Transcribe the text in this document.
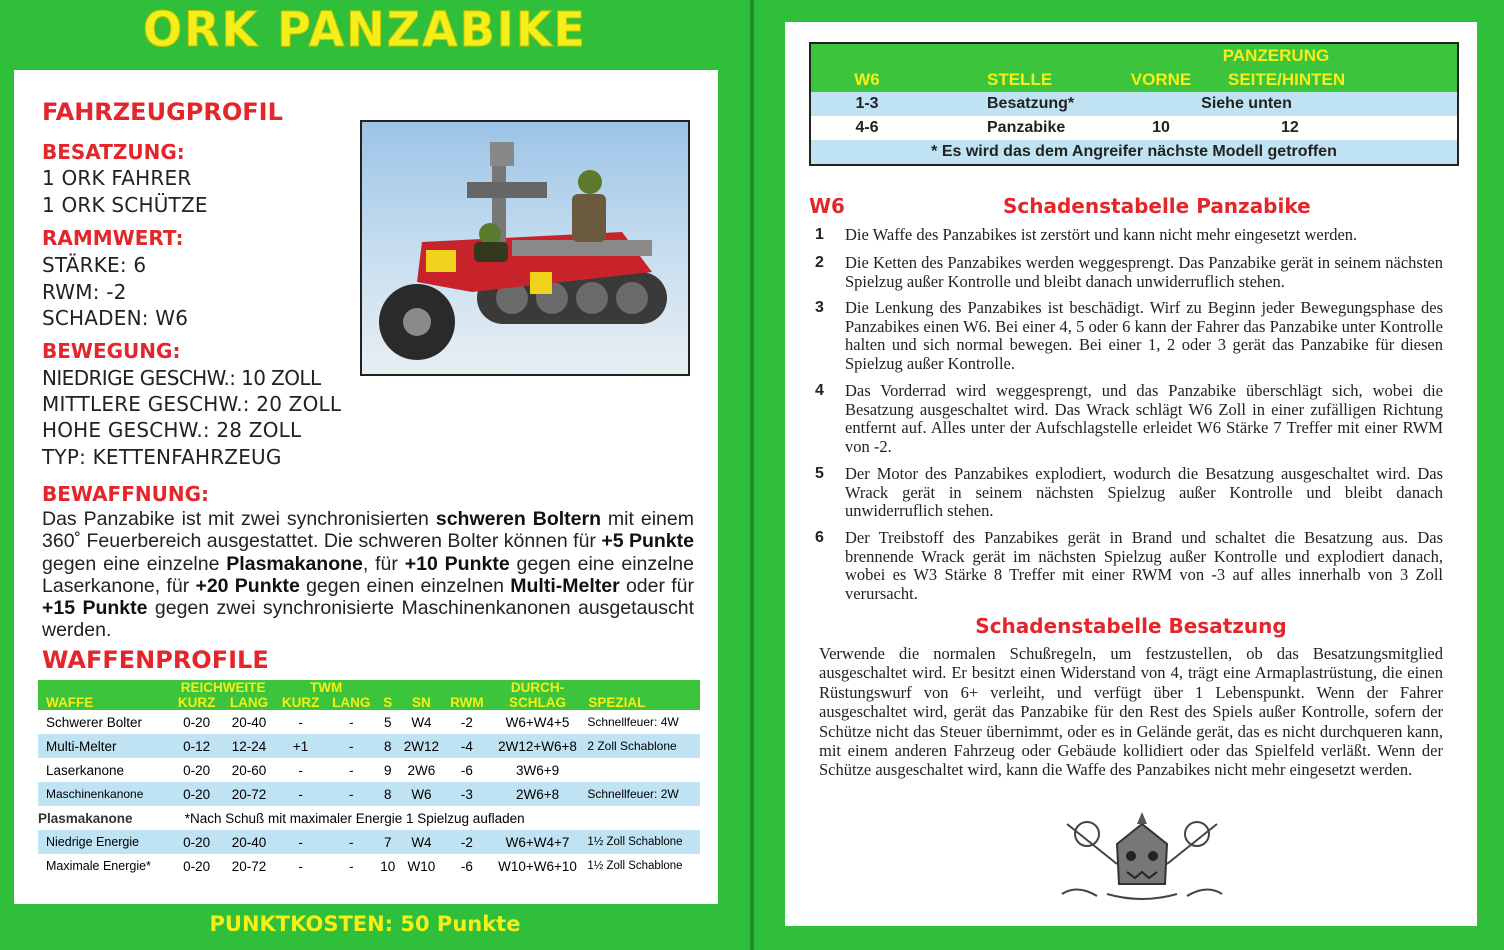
ORK PANZABIKE
FAHRZEUGPROFIL
BESATZUNG:
1 ORK FAHRER
1 ORK SCHÜTZE
RAMMWERT:
STÄRKE: 6
RWM: -2
SCHADEN: W6
BEWEGUNG:
NIEDRIGE GESCHW.: 10 ZOLL
MITTLERE GESCHW.: 20 ZOLL
HOHE GESCHW.: 28 ZOLL
TYP: KETTENFAHRZEUG
BEWAFFNUNG:
Das Panzabike ist mit zwei synchronisierten schweren Boltern mit einem 360˚ Feuerbereich ausgestattet. Die schweren Bolter können für +5 Punkte gegen eine einzelne Plasmakanone, für +10 Punkte gegen eine einzelne Laserkanone, für +20 Punkte gegen einen einzelnen Multi-Melter oder für +15 Punkte gegen zwei synchronisierte Maschinenkanonen ausgetauscht werden.
WAFFENPROFILE
	REICHWEITE		TWM					DURCH-	
WAFFE	KURZ	LANG	KURZ	LANG	S	SN	RWM	SCHLAG	SPEZIAL
Schwerer Bolter	0-20	20-40	-	-	5	W4	-2	W6+W4+5	Schnellfeuer: 4W
Multi-Melter	0-12	12-24	+1	-	8	2W12	-4	2W12+W6+8	2 Zoll Schablone
Laserkanone	0-20	20-60	-	-	9	2W6	-6	3W6+9	
Maschinenkanone	0-20	20-72	-	-	8	W6	-3	2W6+8	Schnellfeuer: 2W
Plasmakanone	*Nach Schuß mit maximaler Energie 1 Spielzug aufladen								
Niedrige Energie	0-20	20-40	-	-	7	W4	-2	W6+W4+7	1½ Zoll Schablone
Maximale Energie*	0-20	20-72	-	-	10	W10	-6	W10+W6+10	1½ Zoll Schablone
PUNKTKOSTEN: 50 Punkte
		PANZERUNG	
W6	STELLE	VORNE	SEITE/HINTEN
1-3	Besatzung*	Siehe unten	
4-6	Panzabike	10	12
* Es wird das dem Angreifer nächste Modell getroffen			
W6	Schadenstabelle Panzabike
1 Die Waffe des Panzabikes ist zerstört und kann nicht mehr eingesetzt werden.
2 Die Ketten des Panzabikes werden weggesprengt. Das Panzabike gerät in seinem nächsten Spielzug außer Kontrolle und bleibt danach unwiderruflich stehen.
3 Die Lenkung des Panzabikes ist beschädigt. Wirf zu Beginn jeder Bewegungsphase des Panzabikes einen W6. Bei einer 4, 5 oder 6 kann der Fahrer das Panzabike unter Kontrolle halten und sich normal bewegen. Bei einer 1, 2 oder 3 gerät das Panzabike für diesen Spielzug außer Kontrolle.
4 Das Vorderrad wird weggesprengt, und das Panzabike überschlägt sich, wobei die Besatzung ausgeschaltet wird. Das Wrack schlägt W6 Zoll in einer zufälligen Richtung entfernt auf. Alles unter der Aufschlagstelle erleidet W6 Stärke 7 Treffer mit einer RWM von -2.
5 Der Motor des Panzabikes explodiert, wodurch die Besatzung ausgeschaltet wird. Das Wrack gerät in seinem nächsten Spielzug außer Kontrolle und bleibt danach unwiderruflich stehen.
6 Der Treibstoff des Panzabikes gerät in Brand und schaltet die Besatzung aus. Das brennende Wrack gerät im nächsten Spielzug außer Kontrolle und explodiert danach, wobei es W3 Stärke 8 Treffer mit einer RWM von -3 auf alles innerhalb von 3 Zoll verursacht.
Schadenstabelle Besatzung
Verwende die normalen Schußregeln, um festzustellen, ob das Besatzungsmitglied ausgeschaltet wird. Er besitzt einen Widerstand von 4, trägt eine Armaplastrüstung, die einen Rüstungswurf von 6+ verleiht, und verfügt über 1 Lebenspunkt. Wenn der Fahrer ausgeschaltet wird, gerät das Panzabike für den Rest des Spiels außer Kontrolle, sofern der Schütze nicht das Steuer übernimmt, oder es in Gelände gerät, das es nicht durchqueren kann, mit einem anderen Fahrzeug oder Gebäude kollidiert oder das Spielfeld verläßt. Wenn der Schütze ausgeschaltet wird, kann die Waffe des Panzabikes nicht mehr eingesetzt werden.
